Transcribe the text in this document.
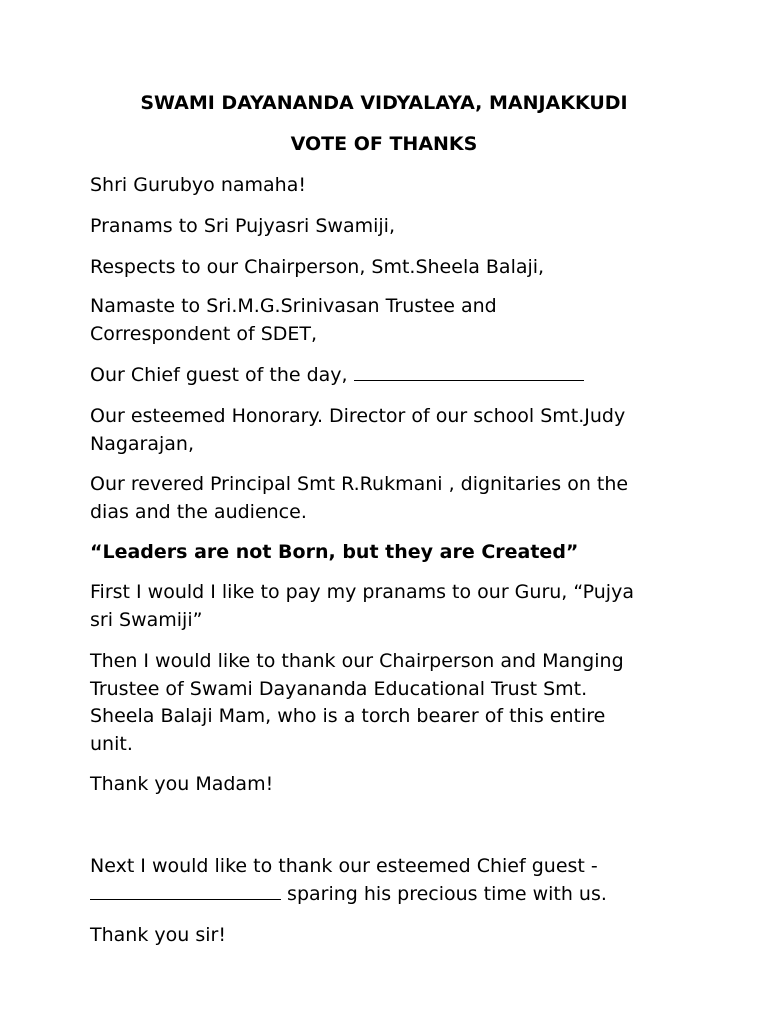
SWAMI DAYANANDA VIDYALAYA, MANJAKKUDI

VOTE OF THANKS

Shri Gurubyo namaha!

Pranams to Sri Pujyasri Swamiji,

Respects to our Chairperson, Smt.Sheela Balaji,

Namaste to Sri.M.G.Srinivasan Trustee and
Correspondent of SDET,
Our Chief guest of the day,
Our esteemed Honorary. Director of our school Smt.Judy
Nagarajan,
Our revered Principal Smt R.Rukmani , dignitaries on the
dias and the audience.

“Leaders are not Born, but they are Created”

First I would I like to pay my pranams to our Guru, “Pujya
sri Swamiji”
Then I would like to thank our Chairperson and Manging
Trustee of Swami Dayananda Educational Trust Smt.
Sheela Balaji Mam, who is a torch bearer of this entire
unit.

Thank you Madam!

Next I would like to thank our esteemed Chief guest -
sparing his precious time with us.

Thank you sir!
